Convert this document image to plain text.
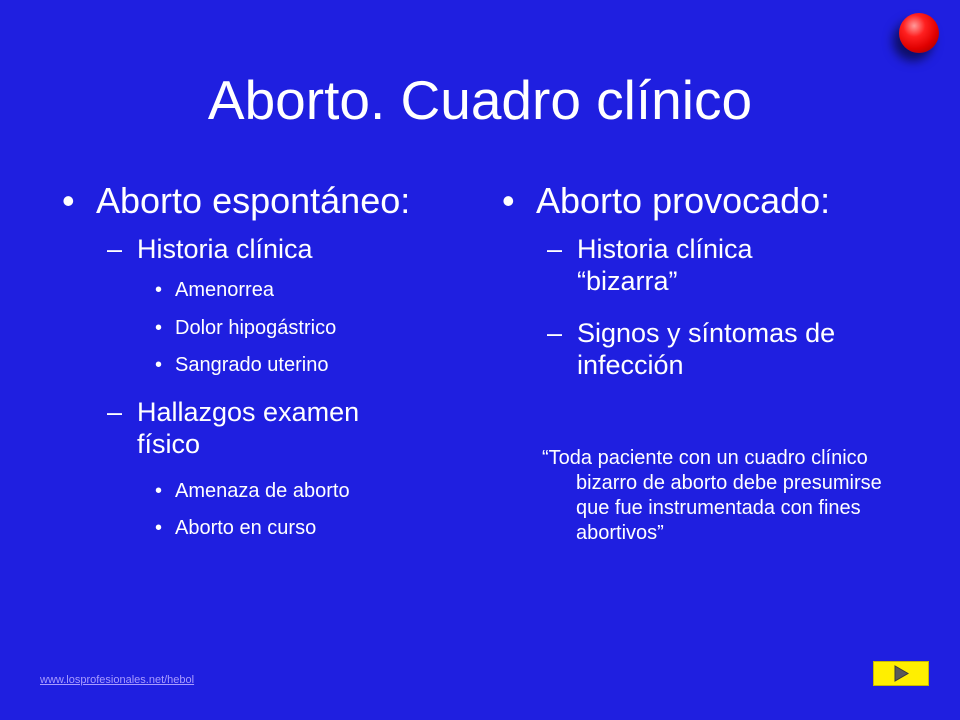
Aborto. Cuadro clínico
• Aborto espontáneo:
– Historia clínica
• Amenorrea
• Dolor hipogástrico
• Sangrado uterino
– Hallazgos examen
físico
• Amenaza de aborto
• Aborto en curso
• Aborto provocado:
– Historia clínica
“bizarra”
– Signos y síntomas de
infección
“Toda paciente con un cuadro clínico bizarro de aborto debe presumirse que fue instrumentada con fines abortivos”
www.losprofesionales.net/hebol
